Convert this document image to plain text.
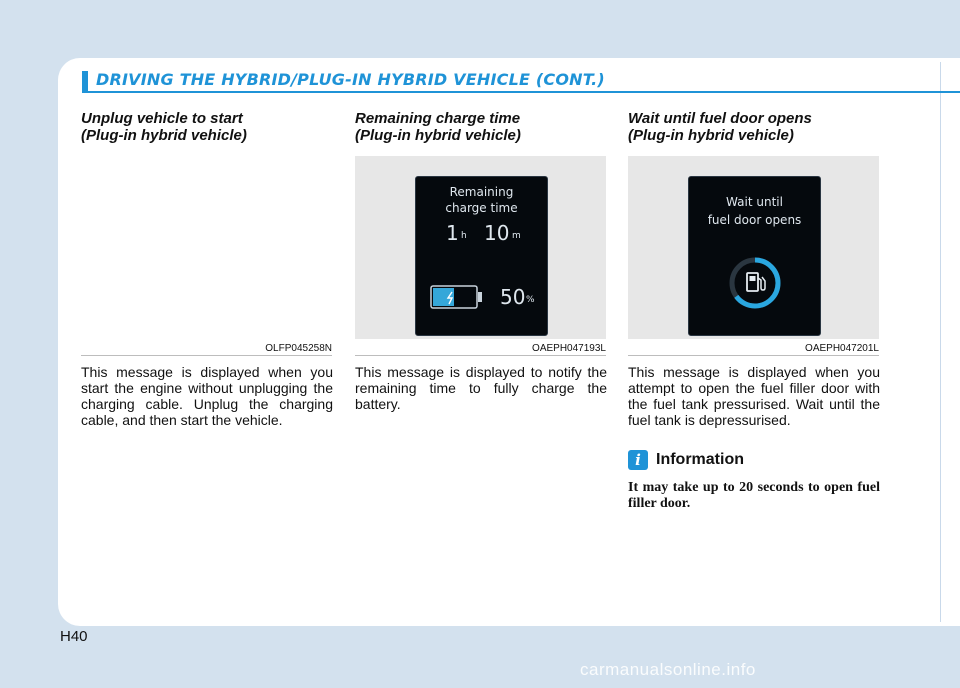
DRIVING THE HYBRID/PLUG-IN HYBRID VEHICLE (CONT.)

Unplug vehicle to start
(Plug-in hybrid vehicle)

OLFP045258N
This message is displayed when you start the engine without unplugging the charging cable. Unplug the charging cable, and then start the vehicle.

Remaining charge time
(Plug-in hybrid vehicle)

Remaining
charge time
1 h 10 m
50 %
OAEPH047193L
This message is displayed to notify the remaining time to fully charge the battery.

Wait until fuel door opens
(Plug-in hybrid vehicle)

Wait until
fuel door opens
OAEPH047201L
This message is displayed when you attempt to open the fuel filler door with the fuel tank pressurised. Wait until the fuel tank is depressurised.
i Information
It may take up to 20 seconds to open fuel filler door.
H40
carmanualsonline.info
